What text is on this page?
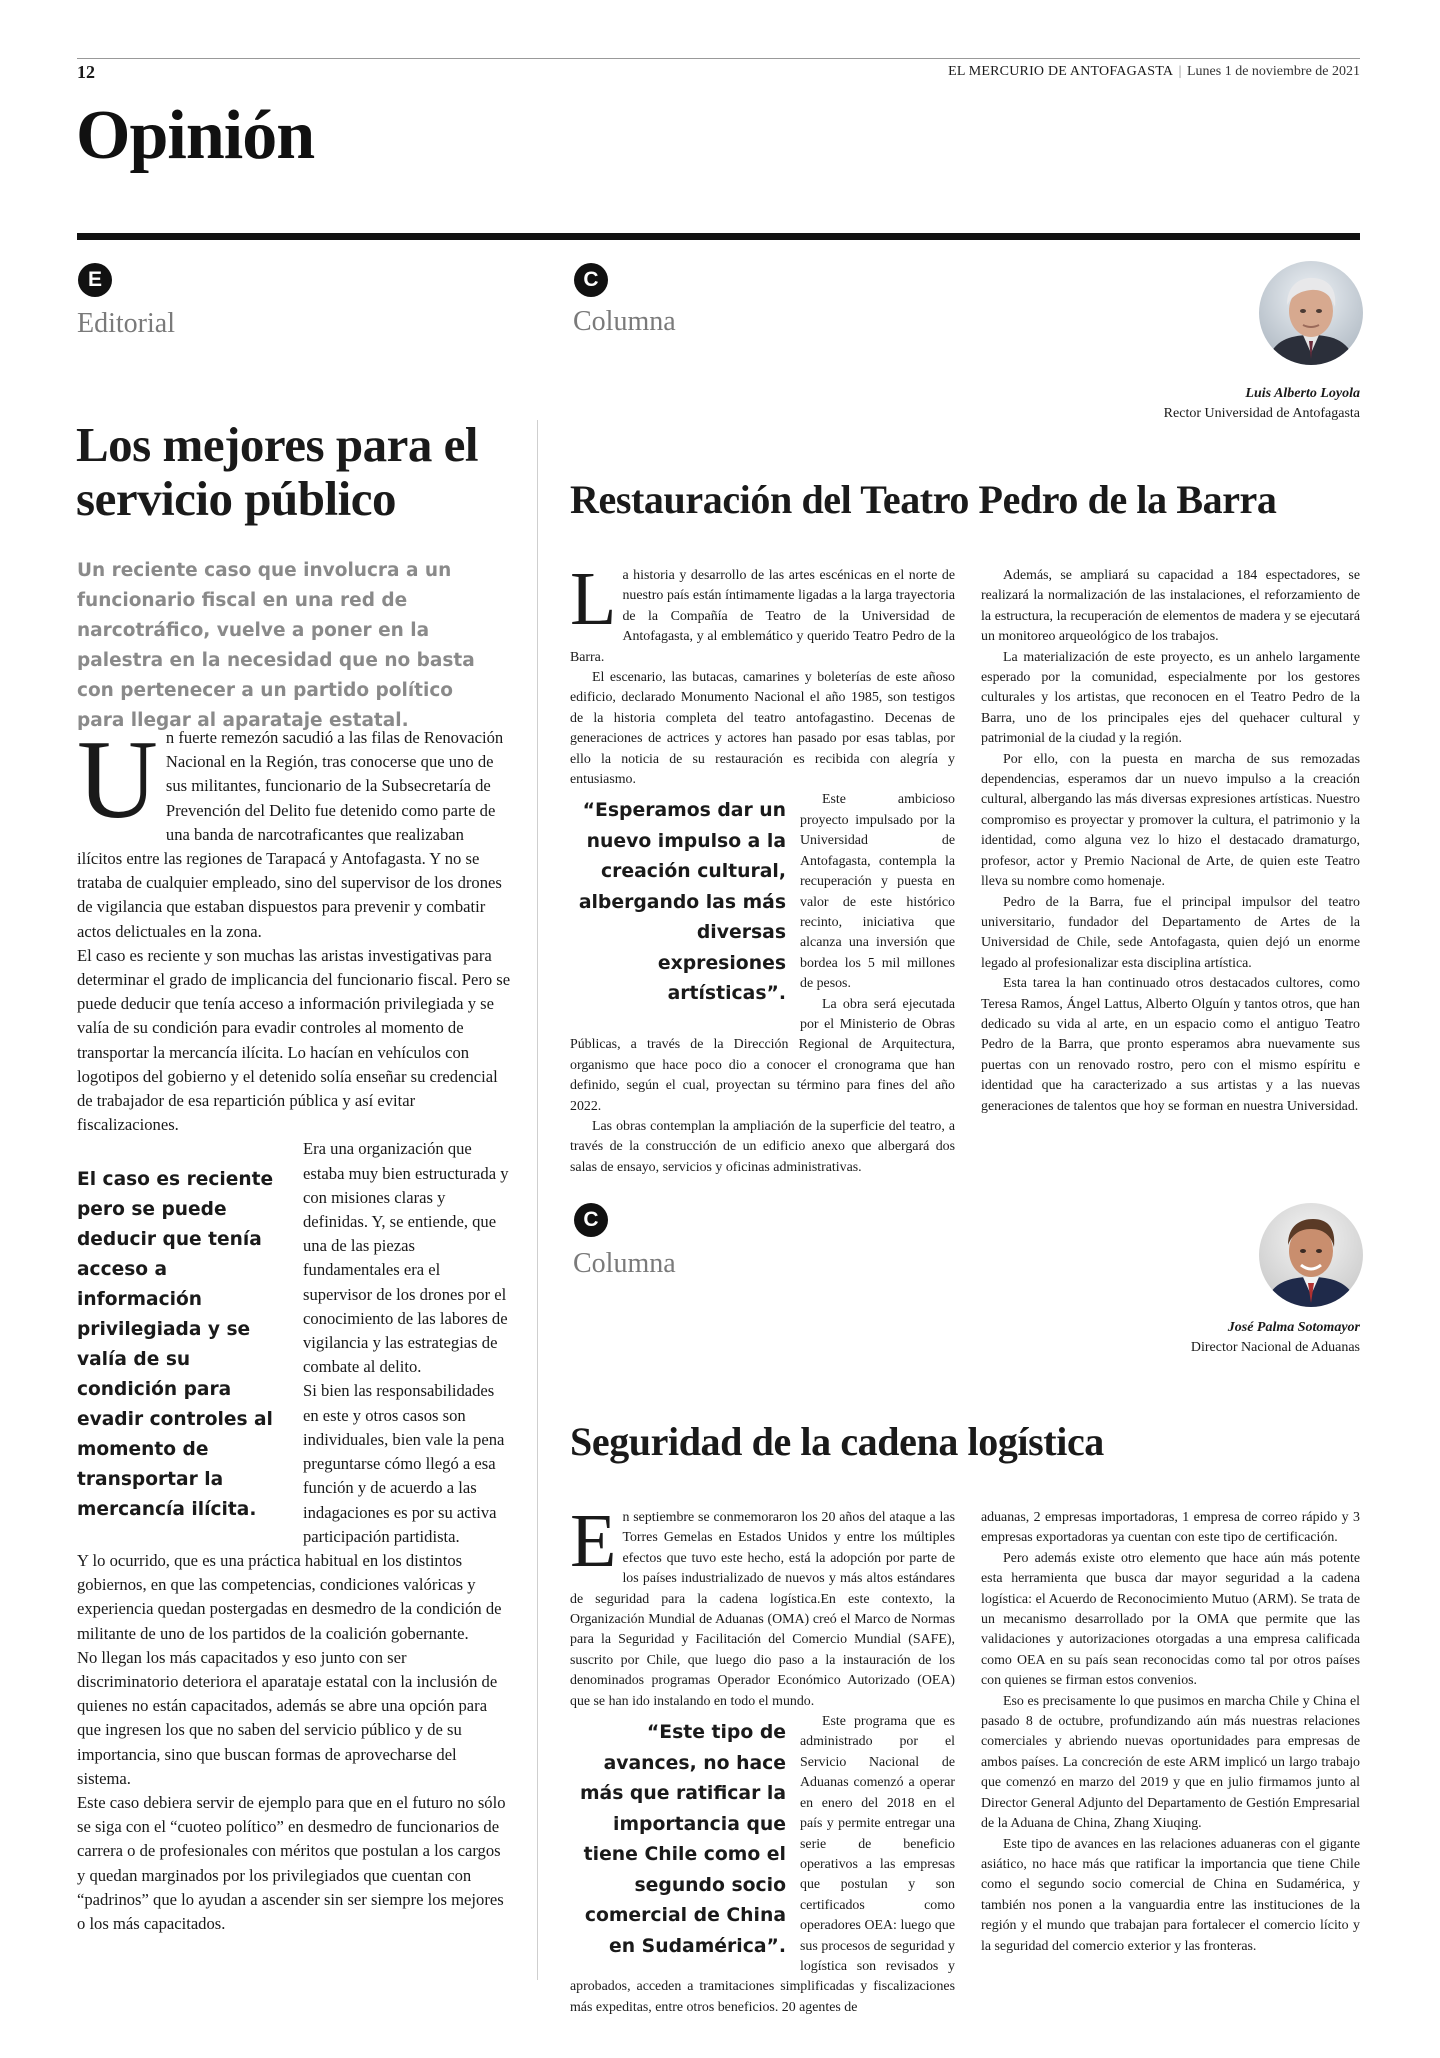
12	EL MERCURIO DE ANTOFAGASTA | Lunes 1 de noviembre de 2021
Opinión
E
Editorial
Los mejores para el servicio público
Un reciente caso que involucra a un funcionario fiscal en una red de narcotráfico, vuelve a poner en la palestra en la necesidad que no basta con pertenecer a un partido político para llegar al aparataje estatal.
U n fuerte remezón sacudió a las filas de Renovación Nacional en la Región, tras conocerse que uno de sus militantes, funcionario de la Subsecretaría de Prevención del Delito fue detenido como parte de una banda de narcotraficantes que realizaban ilícitos entre las regiones de Tarapacá y Antofagasta. Y no se trataba de cualquier empleado, sino del supervisor de los drones de vigilancia que estaban dispuestos para prevenir y combatir actos delictuales en la zona.

El caso es reciente y son muchas las aristas investigativas para determinar el grado de implicancia del funcionario fiscal. Pero se puede deducir que tenía acceso a información privilegiada y se valía de su condición para evadir controles al momento de transportar la mercancía ilícita. Lo hacían en vehículos con logotipos del gobierno y el detenido solía enseñar su credencial de trabajador de esa repartición pública y así evitar fiscalizaciones.

El caso es reciente pero se puede deducir que tenía acceso a información privilegiada y se valía de su condición para evadir controles al momento de transportar la mercancía ilícita.

Era una organización que estaba muy bien estructurada y con misiones claras y definidas. Y, se entiende, que una de las piezas fundamentales era el supervisor de los drones por el conocimiento de las labores de vigilancia y las estrategias de combate al delito.

Si bien las responsabilidades en este y otros casos son individuales, bien vale la pena preguntarse cómo llegó a esa función y de acuerdo a las indagaciones es por su activa participación partidista.

Y lo ocurrido, que es una práctica habitual en los distintos gobiernos, en que las competencias, condiciones valóricas y experiencia quedan postergadas en desmedro de la condición de militante de uno de los partidos de la coalición gobernante.

No llegan los más capacitados y eso junto con ser discriminatorio deteriora el aparataje estatal con la inclusión de quienes no están capacitados, además se abre una opción para que ingresen los que no saben del servicio público y de su importancia, sino que buscan formas de aprovecharse del sistema.

Este caso debiera servir de ejemplo para que en el futuro no sólo se siga con el “cuoteo político” en desmedro de funcionarios de carrera o de profesionales con méritos que postulan a los cargos y quedan marginados por los privilegiados que cuentan con “padrinos” que lo ayudan a ascender sin ser siempre los mejores o los más capacitados.

C
Columna
Luis Alberto Loyola
Rector Universidad de Antofagasta
Restauración del Teatro Pedro de la Barra
L a historia y desarrollo de las artes escénicas en el norte de nuestro país están íntimamente ligadas a la larga trayectoria de la Compañía de Teatro de la Universidad de Antofagasta, y al emblemático y querido Teatro Pedro de la Barra.

El escenario, las butacas, camarines y boleterías de este añoso edificio, declarado Monumento Nacional el año 1985, son testigos de la historia completa del teatro antofagastino. Decenas de generaciones de actrices y actores han pasado por esas tablas, por ello la noticia de su restauración es recibida con alegría y entusiasmo.

“Esperamos dar un nuevo impulso a la creación cultural, albergando las más diversas expresiones artísticas”.

Este ambicioso proyecto impulsado por la Universidad de Antofagasta, contempla la recuperación y puesta en valor de este histórico recinto, iniciativa que alcanza una inversión que bordea los 5 mil millones de pesos.

La obra será ejecutada por el Ministerio de Obras Públicas, a través de la Dirección Regional de Arquitectura, organismo que hace poco dio a conocer el cronograma que han definido, según el cual, proyectan su término para fines del año 2022.

Las obras contemplan la ampliación de la superficie del teatro, a través de la construcción de un edificio anexo que albergará dos salas de ensayo, servicios y oficinas administrativas.

Además, se ampliará su capacidad a 184 espectadores, se realizará la normalización de las instalaciones, el reforzamiento de la estructura, la recuperación de elementos de madera y se ejecutará un monitoreo arqueológico de los trabajos.

La materialización de este proyecto, es un anhelo largamente esperado por la comunidad, especialmente por los gestores culturales y los artistas, que reconocen en el Teatro Pedro de la Barra, uno de los principales ejes del quehacer cultural y patrimonial de la ciudad y la región.

Por ello, con la puesta en marcha de sus remozadas dependencias, esperamos dar un nuevo impulso a la creación cultural, albergando las más diversas expresiones artísticas. Nuestro compromiso es proyectar y promover la cultura, el patrimonio y la identidad, como alguna vez lo hizo el destacado dramaturgo, profesor, actor y Premio Nacional de Arte, de quien este Teatro lleva su nombre como homenaje.

Pedro de la Barra, fue el principal impulsor del teatro universitario, fundador del Departamento de Artes de la Universidad de Chile, sede Antofagasta, quien dejó un enorme legado al profesionalizar esta disciplina artística.

Esta tarea la han continuado otros destacados cultores, como Teresa Ramos, Ángel Lattus, Alberto Olguín y tantos otros, que han dedicado su vida al arte, en un espacio como el antiguo Teatro Pedro de la Barra, que pronto esperamos abra nuevamente sus puertas con un renovado rostro, pero con el mismo espíritu e identidad que ha caracterizado a sus artistas y a las nuevas generaciones de talentos que hoy se forman en nuestra Universidad.

C
Columna
José Palma Sotomayor
Director Nacional de Aduanas
Seguridad de la cadena logística
E n septiembre se conmemoraron los 20 años del ataque a las Torres Gemelas en Estados Unidos y entre los múltiples efectos que tuvo este hecho, está la adopción por parte de los países industrializado de nuevos y más altos estándares de seguridad para la cadena logística.En este contexto, la Organización Mundial de Aduanas (OMA) creó el Marco de Normas para la Seguridad y Facilitación del Comercio Mundial (SAFE), suscrito por Chile, que luego dio paso a la instauración de los denominados programas Operador Económico Autorizado (OEA) que se han ido instalando en todo el mundo.

“Este tipo de avances, no hace más que ratificar la importancia que tiene Chile como el segundo socio comercial de China en Sudamérica”.

Este programa que es administrado por el Servicio Nacional de Aduanas comenzó a operar en enero del 2018 en el país y permite entregar una serie de beneficio operativos a las empresas que postulan y son certificados como operadores OEA: luego que sus procesos de seguridad y logística son revisados y aprobados, acceden a tramitaciones simplificadas y fiscalizaciones más expeditas, entre otros beneficios. 20 agentes de

aduanas, 2 empresas importadoras, 1 empresa de correo rápido y 3 empresas exportadoras ya cuentan con este tipo de certificación.

Pero además existe otro elemento que hace aún más potente esta herramienta que busca dar mayor seguridad a la cadena logística: el Acuerdo de Reconocimiento Mutuo (ARM). Se trata de un mecanismo desarrollado por la OMA que permite que las validaciones y autorizaciones otorgadas a una empresa calificada como OEA en su país sean reconocidas como tal por otros países con quienes se firman estos convenios.

Eso es precisamente lo que pusimos en marcha Chile y China el pasado 8 de octubre, profundizando aún más nuestras relaciones comerciales y abriendo nuevas oportunidades para empresas de ambos países. La concreción de este ARM implicó un largo trabajo que comenzó en marzo del 2019 y que en julio firmamos junto al Director General Adjunto del Departamento de Gestión Empresarial de la Aduana de China, Zhang Xiuqing.

Este tipo de avances en las relaciones aduaneras con el gigante asiático, no hace más que ratificar la importancia que tiene Chile como el segundo socio comercial de China en Sudamérica, y también nos ponen a la vanguardia entre las instituciones de la región y el mundo que trabajan para fortalecer el comercio lícito y la seguridad del comercio exterior y las fronteras.
